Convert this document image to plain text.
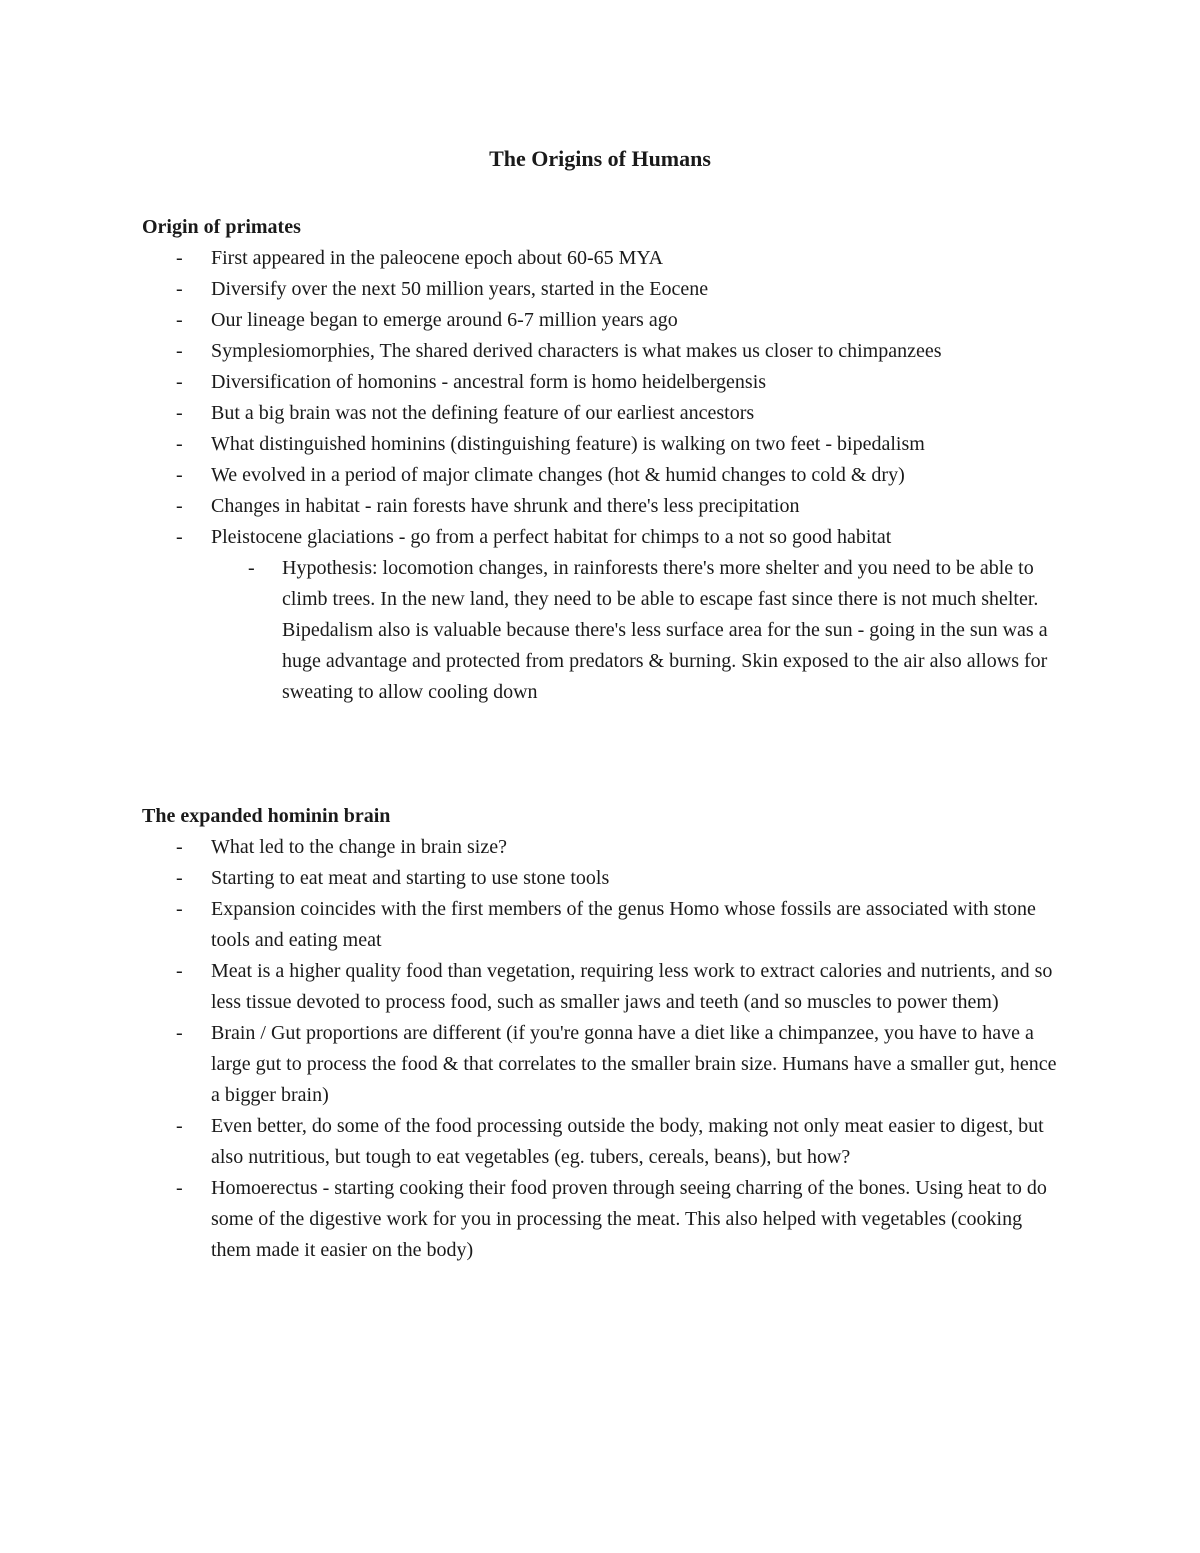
The Origins of Humans
Origin of primates
- First appeared in the paleocene epoch about 60-65 MYA
- Diversify over the next 50 million years, started in the Eocene
- Our lineage began to emerge around 6-7 million years ago
- Symplesiomorphies, The shared derived characters is what makes us closer to chimpanzees
- Diversification of homonins - ancestral form is homo heidelbergensis
- But a big brain was not the defining feature of our earliest ancestors
- What distinguished hominins (distinguishing feature) is walking on two feet - bipedalism
- We evolved in a period of major climate changes (hot & humid changes to cold & dry)
- Changes in habitat - rain forests have shrunk and there's less precipitation
- Pleistocene glaciations - go from a perfect habitat for chimps to a not so good habitat
- Hypothesis: locomotion changes, in rainforests there's more shelter and you need to be able to climb trees. In the new land, they need to be able to escape fast since there is not much shelter. Bipedalism also is valuable because there's less surface area for the sun - going in the sun was a huge advantage and protected from predators & burning. Skin exposed to the air also allows for sweating to allow cooling down
The expanded hominin brain
- What led to the change in brain size?
- Starting to eat meat and starting to use stone tools
- Expansion coincides with the first members of the genus Homo whose fossils are associated with stone tools and eating meat
- Meat is a higher quality food than vegetation, requiring less work to extract calories and nutrients, and so less tissue devoted to process food, such as smaller jaws and teeth (and so muscles to power them)
- Brain / Gut proportions are different (if you're gonna have a diet like a chimpanzee, you have to have a large gut to process the food & that correlates to the smaller brain size. Humans have a smaller gut, hence a bigger brain)
- Even better, do some of the food processing outside the body, making not only meat easier to digest, but also nutritious, but tough to eat vegetables (eg. tubers, cereals, beans), but how?
- Homoerectus - starting cooking their food proven through seeing charring of the bones. Using heat to do some of the digestive work for you in processing the meat. This also helped with vegetables (cooking them made it easier on the body)
